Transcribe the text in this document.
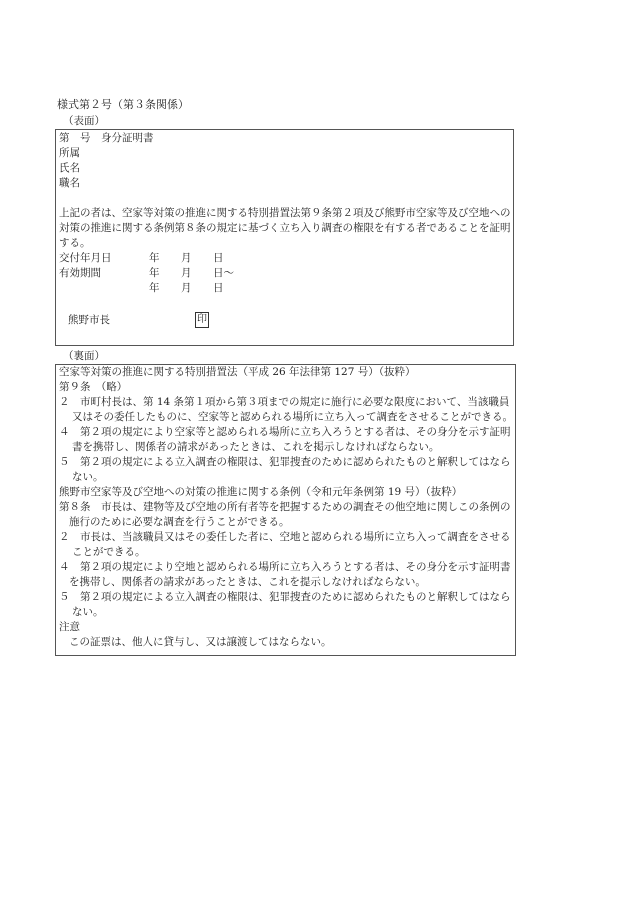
様式第２号（第３条関係）
（表面）
第　号　身分証明書
所属
氏名
職名
上記の者は、空家等対策の推進に関する特別措置法第９条第２項及び熊野市空家等及び空地への対策の推進に関する条例第８条の規定に基づく立ち入り調査の権限を有する者であることを証明する。
交付年月日	年	月	日
有効期間	年	月	日～
年	月	日
熊野市長	印
（裏面）
空家等対策の推進に関する特別措置法（平成 26 年法律第 127 号）（抜粋）
第９条　（略）
２　市町村長は、第 14 条第１項から第３項までの規定に施行に必要な限度において、当該職員又はその委任したものに、空家等と認められる場所に立ち入って調査をさせることができる。
４　第２項の規定により空家等と認められる場所に立ち入ろうとする者は、その身分を示す証明書を携帯し、関係者の請求があったときは、これを掲示しなければならない。
５　第２項の規定による立入調査の権限は、犯罪捜査のために認められたものと解釈してはならない。
熊野市空家等及び空地への対策の推進に関する条例（令和元年条例第 19 号）（抜粋）
第８条　市長は、建物等及び空地の所有者等を把握するための調査その他空地に関しこの条例の施行のために必要な調査を行うことができる。
２　市長は、当該職員又はその委任した者に、空地と認められる場所に立ち入って調査をさせることができる。
４　第２項の規定により空地と認められる場所に立ち入ろうとする者は、その身分を示す証明書を携帯し、関係者の請求があったときは、これを提示しなければならない。
５　第２項の規定による立入調査の権限は、犯罪捜査のために認められたものと解釈してはならない。
注意
この証票は、他人に貸与し、又は譲渡してはならない。
